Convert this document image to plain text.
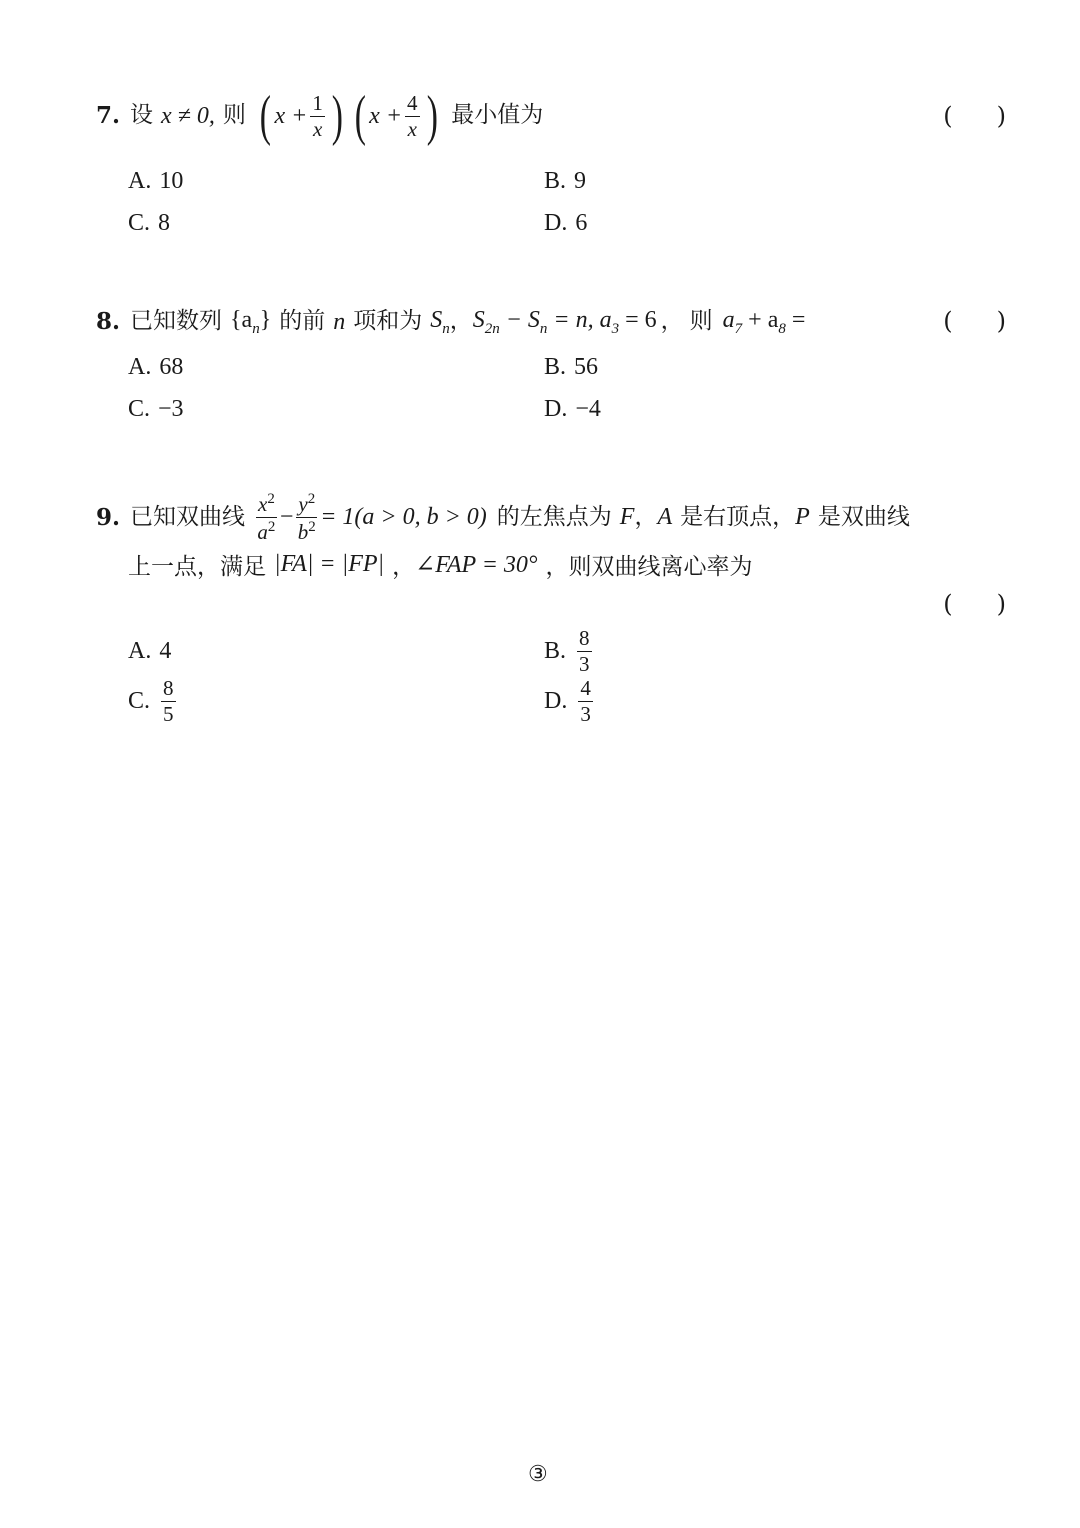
7. 设 x ≠ 0, 则 ( $x + \frac{1}{x}$ ) ( $x + \frac{4}{x}$ ) 最小值为	( )
A. 10	B. 9
C. 8	D. 6
8. 已知数列 $\{a_n\}$ 的前 n 项和为 $S_n$ ， $S_{2n} - S_n = n$, $a_3 = 6$ ， 则 $a_7 + a_8$ =	( )
A. 68	B. 56
C. −3	D. −4
9. 已知双曲线 $\frac{x^2}{a^2} - \frac{y^2}{b^2} = 1(a > 0$, b > 0) 的左焦点为 F ， A 是右顶点， P 是双曲线
上一点，满足 |FA| = |FP| ， ∠FAP = 30° ，则双曲线离心率为
( )
A. 4	B. $\frac{8}{3}$
C. $\frac{8}{5}$	D. $\frac{4}{3}$
③
